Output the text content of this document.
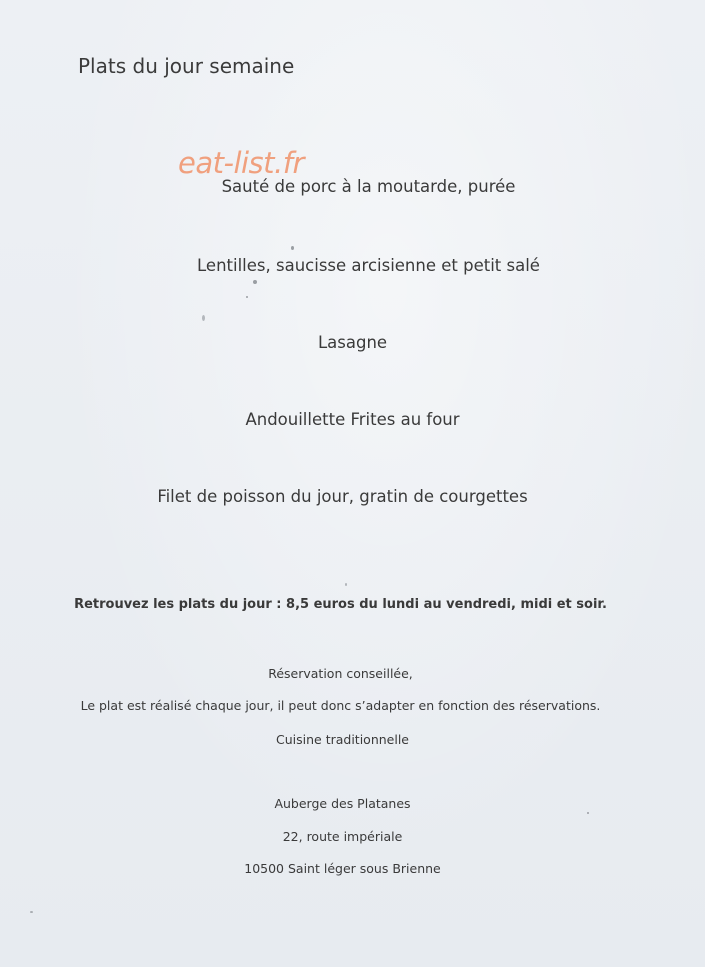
Plats du jour semaine
Sauté de porc à la moutarde, purée
eat-list.fr
Lentilles, saucisse arcisienne et petit salé
Lasagne
Andouillette Frites au four
Filet de poisson du jour, gratin de courgettes
Retrouvez les plats du jour : 8,5 euros du lundi au vendredi, midi et soir.
Réservation conseillée,
Le plat est réalisé chaque jour, il peut donc s’adapter en fonction des réservations.
Cuisine traditionnelle
Auberge des Platanes
22, route impériale
10500 Saint léger sous Brienne
